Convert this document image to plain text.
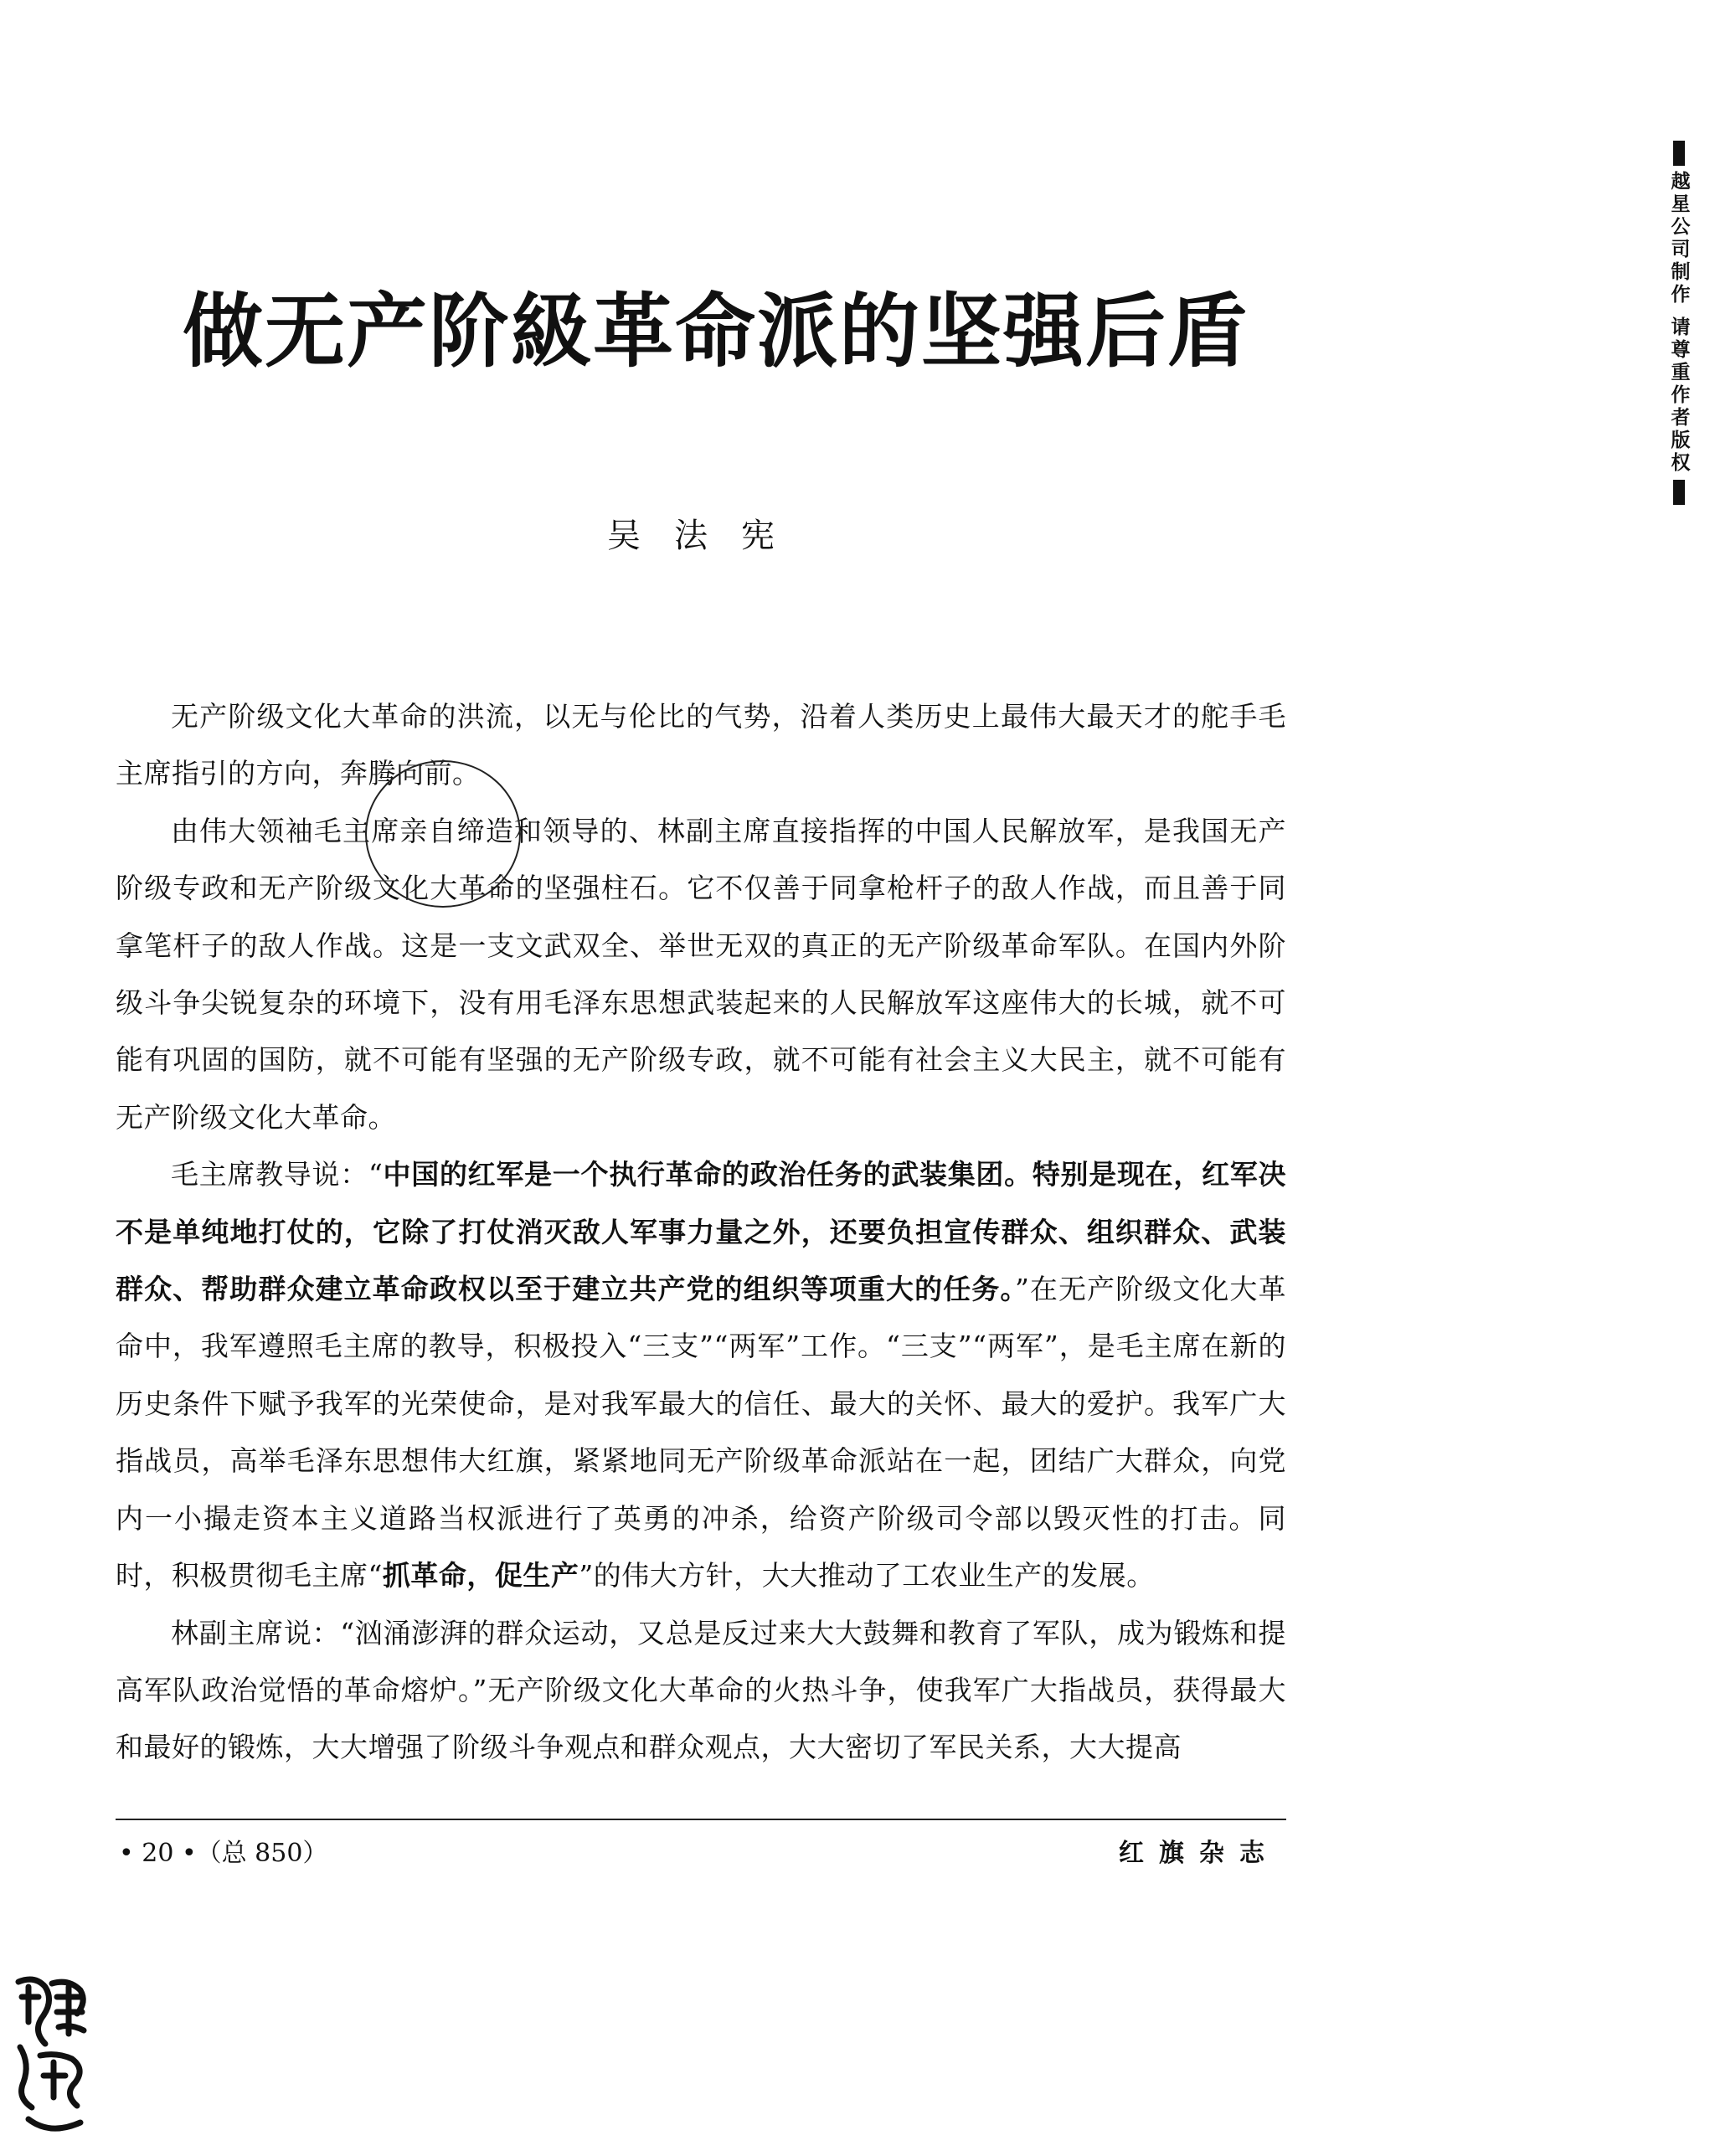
做无产阶級革命派的坚强后盾
吴法宪

无产阶级文化大革命的洪流，以无与伦比的气势，沿着人类历史上最伟大最天才的舵手毛主席指引的方向，奔腾向前。

由伟大领袖毛主席亲自缔造和领导的、林副主席直接指挥的中国人民解放军，是我国无产阶级专政和无产阶级文化大革命的坚强柱石。它不仅善于同拿枪杆子的敌人作战，而且善于同拿笔杆子的敌人作战。这是一支文武双全、举世无双的真正的无产阶级革命军队。在国内外阶级斗争尖锐复杂的环境下，没有用毛泽东思想武装起来的人民解放军这座伟大的长城，就不可能有巩固的国防，就不可能有坚强的无产阶级专政，就不可能有社会主义大民主，就不可能有无产阶级文化大革命。

毛主席教导说：“中国的红军是一个执行革命的政治任务的武装集团。特别是现在，红军决不是单纯地打仗的，它除了打仗消灭敌人军事力量之外，还要负担宣传群众、组织群众、武装群众、帮助群众建立革命政权以至于建立共产党的组织等项重大的任务。”在无产阶级文化大革命中，我军遵照毛主席的教导，积极投入“三支”“两军”工作。“三支”“两军”，是毛主席在新的历史条件下赋予我军的光荣使命，是对我军最大的信任、最大的关怀、最大的爱护。我军广大指战员，高举毛泽东思想伟大红旗，紧紧地同无产阶级革命派站在一起，团结广大群众，向党内一小撮走资本主义道路当权派进行了英勇的冲杀，给资产阶级司令部以毁灭性的打击。同时，积极贯彻毛主席“抓革命，促生产”的伟大方针，大大推动了工农业生产的发展。

林副主席说：“汹涌澎湃的群众运动，又总是反过来大大鼓舞和教育了军队，成为锻炼和提高军队政治觉悟的革命熔炉。”无产阶级文化大革命的火热斗争，使我军广大指战员，获得最大和最好的锻炼，大大增强了阶级斗争观点和群众观点，大大密切了军民关系，大大提高

• 20 •（总 850）	红旗杂志
越星公司制作 请尊重作者版权
